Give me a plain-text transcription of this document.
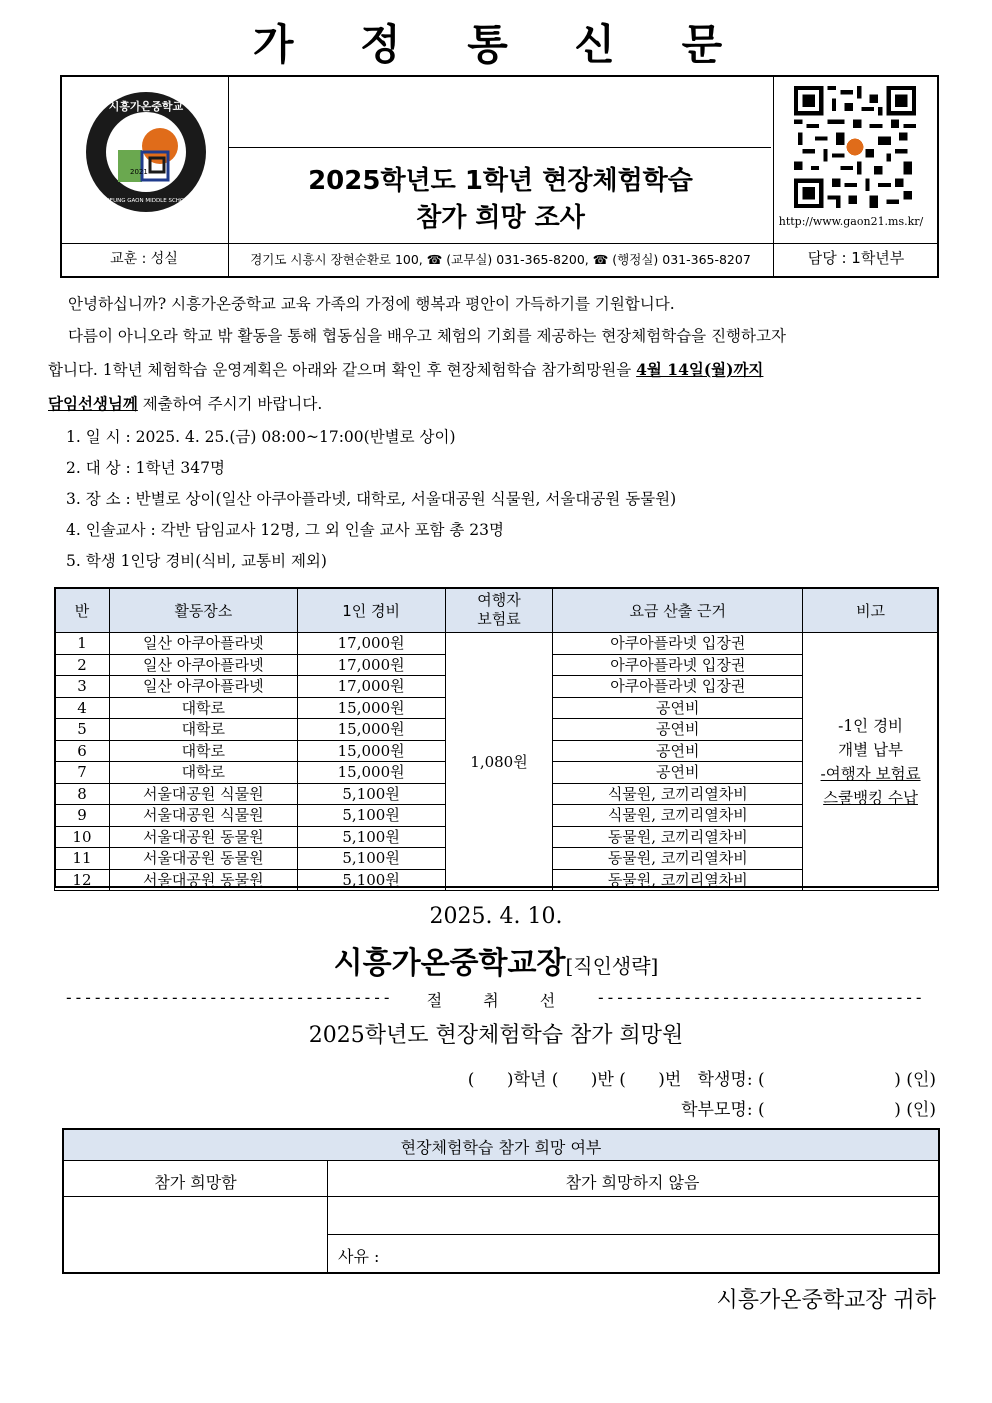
시흥가온중학교
2021
SIHEUNG GAON MIDDLE SCHOOL
가 정 통 신 문
2025학년도 1학년 현장체험학습
참가 희망 조사	http://www.gaon21.ms.kr/
교훈 : 성실	경기도 시흥시 장현순환로 100, ☎ (교무실) 031-365-8200, ☎ (행정실) 031-365-8207	담당 : 1학년부
안녕하십니까? 시흥가온중학교 교육 가족의 가정에 행복과 평안이 가득하기를 기원합니다.
다름이 아니오라 학교 밖 활동을 통해 협동심을 배우고 체험의 기회를 제공하는 현장체험학습을 진행하고자
합니다. 1학년 체험학습 운영계획은 아래와 같으며 확인 후 현장체험학습 참가희망원을 4월 14일(월)까지
담임선생님께 제출하여 주시기 바랍니다.
1. 일 시 : 2025. 4. 25.(금) 08:00~17:00(반별로 상이)
2. 대 상 : 1학년 347명
3. 장 소 : 반별로 상이(일산 아쿠아플라넷, 대학로, 서울대공원 식물원, 서울대공원 동물원)
4. 인솔교사 : 각반 담임교사 12명, 그 외 인솔 교사 포함 총 23명
5. 학생 1인당 경비(식비, 교통비 제외)
반	활동장소	1인 경비	여행자
보험료	요금 산출 근거	비고
1	일산 아쿠아플라넷	17,000원	1,080원	아쿠아플라넷 입장권	-1인 경비
개별 납부
-여행자 보험료
스쿨뱅킹 수납

2	일산 아쿠아플라넷	17,000원		아쿠아플라넷 입장권	
3	일산 아쿠아플라넷	17,000원		아쿠아플라넷 입장권	
4	대학로	15,000원		공연비	
5	대학로	15,000원		공연비	
6	대학로	15,000원		공연비	
7	대학로	15,000원		공연비	
8	서울대공원 식물원	5,100원		식물원, 코끼리열차비	
9	서울대공원 식물원	5,100원		식물원, 코끼리열차비	
10	서울대공원 동물원	5,100원		동물원, 코끼리열차비	
11	서울대공원 동물원	5,100원		동물원, 코끼리열차비	
12	서울대공원 동물원	5,100원		동물원, 코끼리열차비	
2025. 4. 10.
시흥가온중학교장[직인생략]
----------------------------------	절 취 선	----------------------------------
2025학년도 현장체험학습 참가 희망원
(      )학년 (      )반 (      )번   학생명: (                        ) (인)
학부모명: (                        ) (인)
현장체험학습 참가 희망 여부
참가 희망함	참가 희망하지 않음
사유 :
시흥가온중학교장 귀하
